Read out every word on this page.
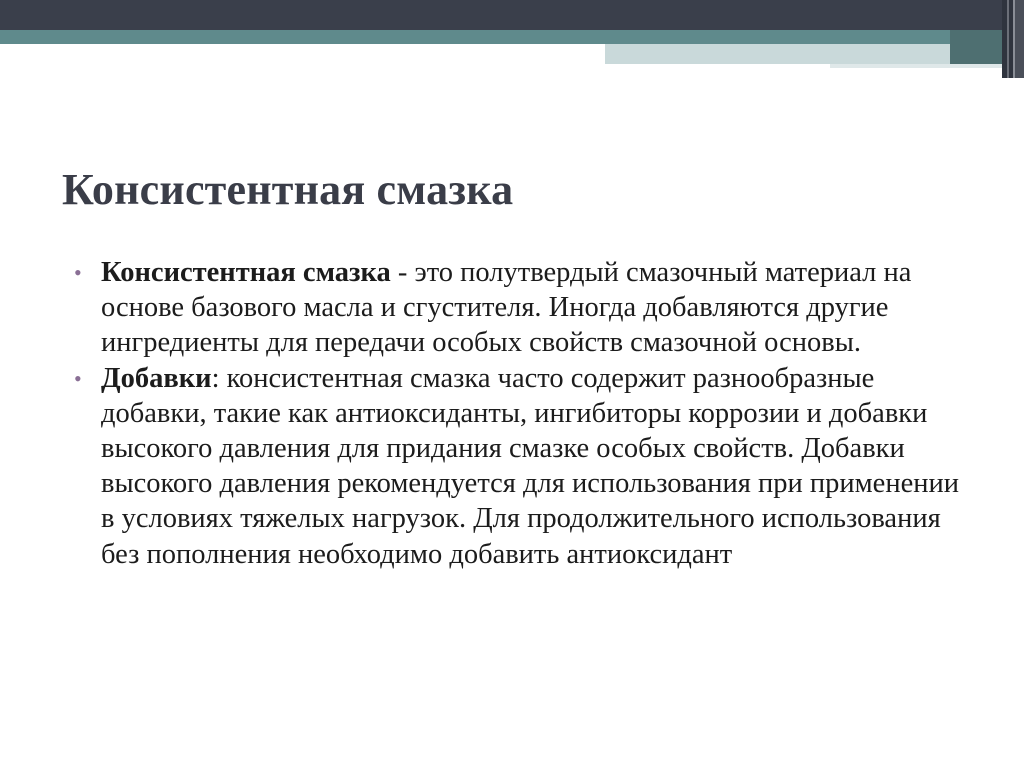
Консистентная смазка
• Консистентная смазка - это полутвердый смазочный материал на основе базового масла и сгустителя. Иногда добавляются другие ингредиенты для передачи особых свойств смазочной основы.
• Добавки: консистентная смазка часто содержит разнообразные добавки, такие как антиоксиданты, ингибиторы коррозии и добавки высокого давления для придания смазке особых свойств. Добавки высокого давления рекомендуется для использования при применении в условиях тяжелых нагрузок. Для продолжительного использования без пополнения необходимо добавить антиоксидант
